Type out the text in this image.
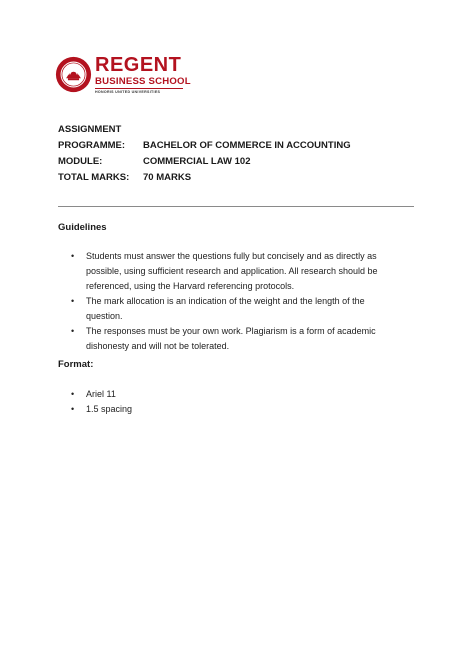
REGENT
BUSINESS SCHOOL
HONORIS UNITED UNIVERSITIES
ASSIGNMENT
PROGRAMME:	BACHELOR OF COMMERCE IN ACCOUNTING
MODULE:	COMMERCIAL LAW 102
TOTAL MARKS:	70 MARKS
Guidelines
• Students must answer the questions fully but concisely and as directly as possible, using sufficient research and application. All research should be referenced, using the Harvard referencing protocols.
• The mark allocation is an indication of the weight and the length of the question.
• The responses must be your own work. Plagiarism is a form of academic dishonesty and will not be tolerated.
Format:
• Ariel 11
• 1.5 spacing
